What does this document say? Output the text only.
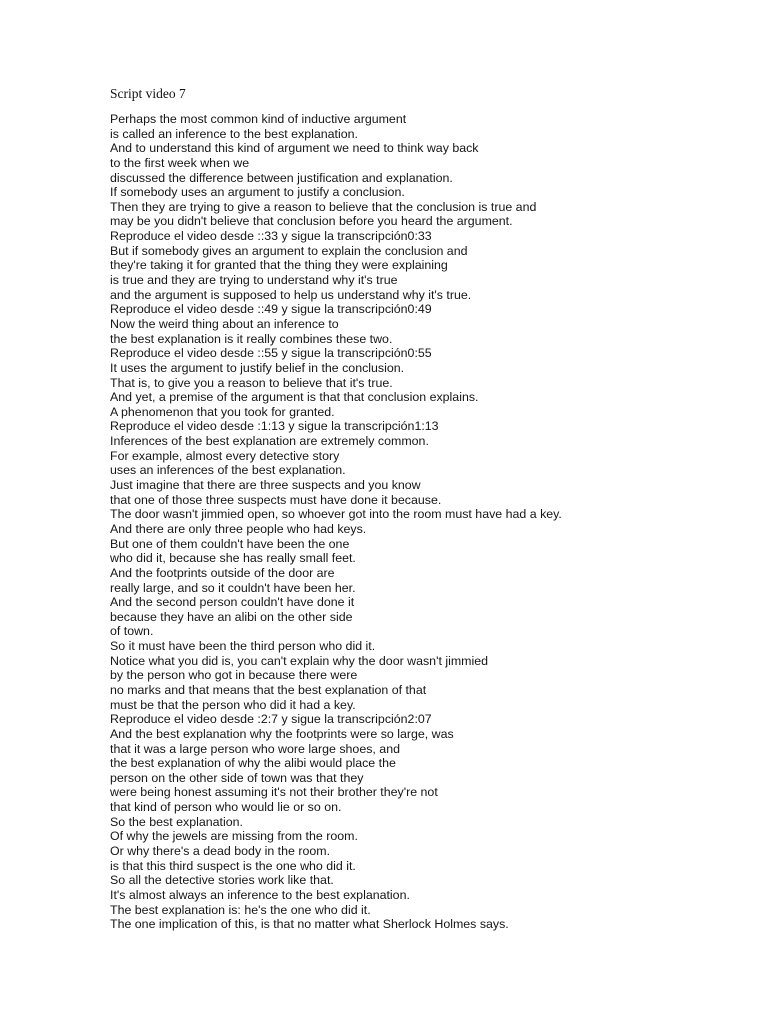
Script video 7
Perhaps the most common kind of inductive argument
is called an inference to the best explanation.
And to understand this kind of argument we need to think way back
to the first week when we
discussed the difference between justification and explanation.
If somebody uses an argument to justify a conclusion.
Then they are trying to give a reason to believe that the conclusion is true and
may be you didn't believe that conclusion before you heard the argument.
Reproduce el video desde ::33 y sigue la transcripción0:33
But if somebody gives an argument to explain the conclusion and
they're taking it for granted that the thing they were explaining
is true and they are trying to understand why it's true
and the argument is supposed to help us understand why it's true.
Reproduce el video desde ::49 y sigue la transcripción0:49
Now the weird thing about an inference to
the best explanation is it really combines these two.
Reproduce el video desde ::55 y sigue la transcripción0:55
It uses the argument to justify belief in the conclusion.
That is, to give you a reason to believe that it's true.
And yet, a premise of the argument is that that conclusion explains.
A phenomenon that you took for granted.
Reproduce el video desde :1:13 y sigue la transcripción1:13
Inferences of the best explanation are extremely common.
For example, almost every detective story
uses an inferences of the best explanation.
Just imagine that there are three suspects and you know
that one of those three suspects must have done it because.
The door wasn't jimmied open, so whoever got into the room must have had a key.
And there are only three people who had keys.
But one of them couldn't have been the one
who did it, because she has really small feet.
And the footprints outside of the door are
really large, and so it couldn't have been her.
And the second person couldn't have done it
because they have an alibi on the other side
of town.
So it must have been the third person who did it.
Notice what you did is, you can't explain why the door wasn't jimmied
by the person who got in because there were
no marks and that means that the best explanation of that
must be that the person who did it had a key.
Reproduce el video desde :2:7 y sigue la transcripción2:07
And the best explanation why the footprints were so large, was
that it was a large person who wore large shoes, and
the best explanation of why the alibi would place the
person on the other side of town was that they
were being honest assuming it's not their brother they're not
that kind of person who would lie or so on.
So the best explanation.
Of why the jewels are missing from the room.
Or why there's a dead body in the room.
is that this third suspect is the one who did it.
So all the detective stories work like that.
It's almost always an inference to the best explanation.
The best explanation is: he's the one who did it.
The one implication of this, is that no matter what Sherlock Holmes says.
